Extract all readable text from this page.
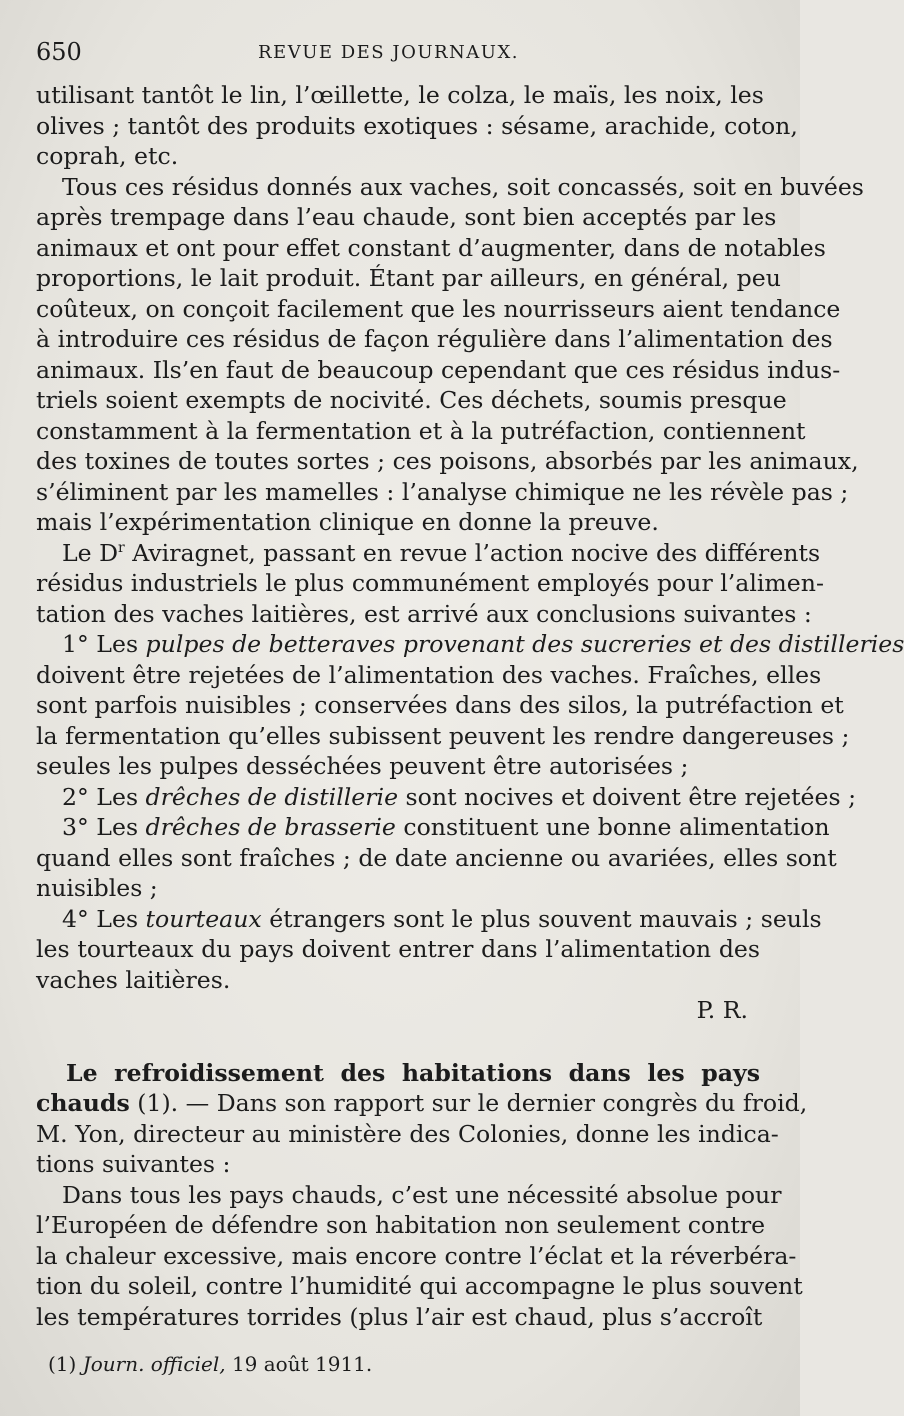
650	REVUE DES JOURNAUX.
utilisant tantôt le lin, l’œillette, le colza, le maïs, les noix, les
olives ; tantôt des produits exotiques : sésame, arachide, coton,
coprah, etc.
Tous ces résidus donnés aux vaches, soit concassés, soit en buvées
après trempage dans l’eau chaude, sont bien acceptés par les
animaux et ont pour effet constant d’augmenter, dans de notables
proportions, le lait produit. Étant par ailleurs, en général, peu
coûteux, on conçoit facilement que les nourrisseurs aient tendance
à introduire ces résidus de façon régulière dans l’alimentation des
animaux. Ils’en faut de beaucoup cependant que ces résidus indus-
triels soient exempts de nocivité. Ces déchets, soumis presque
constamment à la fermentation et à la putréfaction, contiennent
des toxines de toutes sortes ; ces poisons, absorbés par les animaux,
s’éliminent par les mamelles : l’analyse chimique ne les révèle pas ;
mais l’expérimentation clinique en donne la preuve.
Le $D^r$ Aviragnet, passant en revue l’action nocive des différents
résidus industriels le plus communément employés pour l’alimen-
tation des vaches laitières, est arrivé aux conclusions suivantes :
1° Les pulpes de betteraves provenant des sucreries et des distilleries
doivent être rejetées de l’alimentation des vaches. Fraîches, elles
sont parfois nuisibles ; conservées dans des silos, la putréfaction et
la fermentation qu’elles subissent peuvent les rendre dangereuses ;
seules les pulpes desséchées peuvent être autorisées ;
2° Les drêches de distillerie sont nocives et doivent être rejetées ;
3° Les drêches de brasserie constituent une bonne alimentation
quand elles sont fraîches ; de date ancienne ou avariées, elles sont
nuisibles ;
4° Les tourteaux étrangers sont le plus souvent mauvais ; seuls
les tourteaux du pays doivent entrer dans l’alimentation des
vaches laitières.
P. R.
Le refroidissement des habitations dans les pays
chauds (1). — Dans son rapport sur le dernier congrès du froid,
M. Yon, directeur au ministère des Colonies, donne les indica-
tions suivantes :
Dans tous les pays chauds, c’est une nécessité absolue pour
l’Européen de défendre son habitation non seulement contre
la chaleur excessive, mais encore contre l’éclat et la réverbéra-
tion du soleil, contre l’humidité qui accompagne le plus souvent
les températures torrides (plus l’air est chaud, plus s’accroît
(1) Journ. officiel, 19 août 1911.
